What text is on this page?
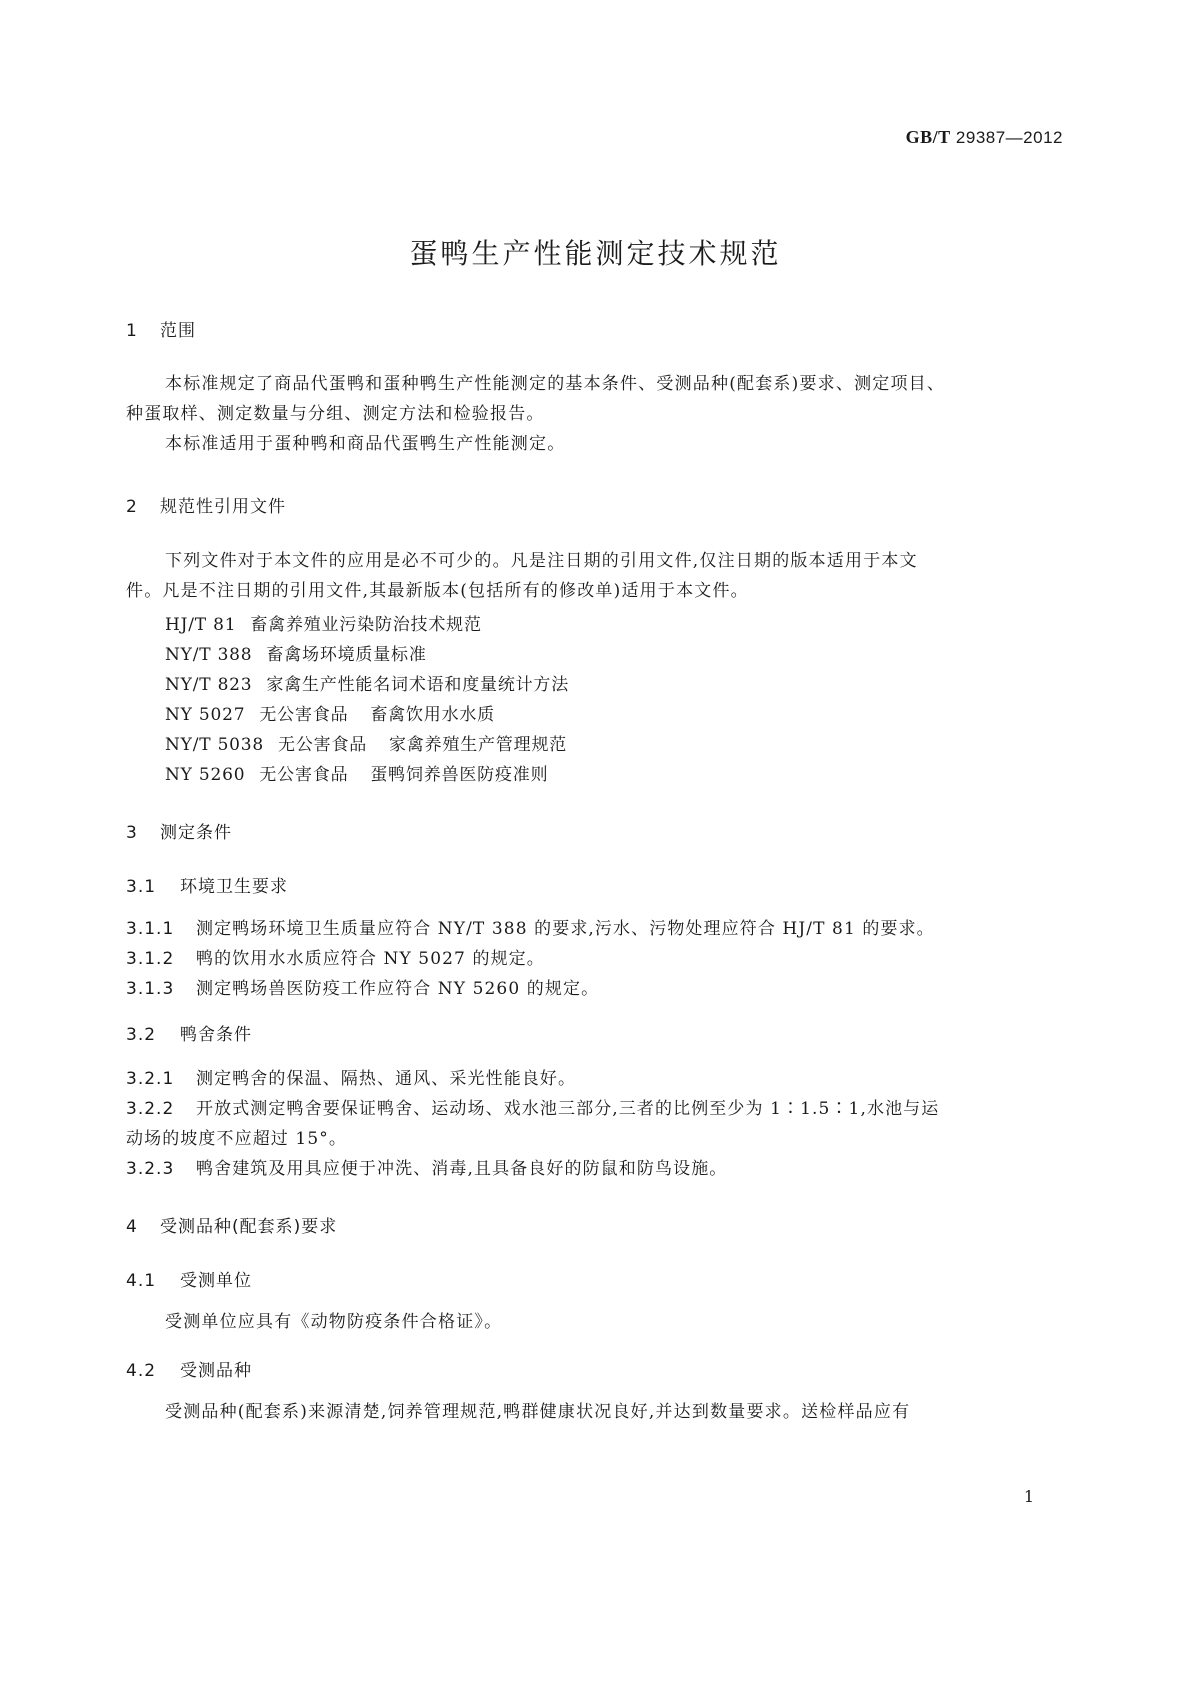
GB/T 29387—2012
蛋鸭生产性能测定技术规范
1 范围
本标准规定了商品代蛋鸭和蛋种鸭生产性能测定的基本条件、受测品种(配套系)要求、测定项目、
种蛋取样、测定数量与分组、测定方法和检验报告。
本标准适用于蛋种鸭和商品代蛋鸭生产性能测定。
2 规范性引用文件
下列文件对于本文件的应用是必不可少的。凡是注日期的引用文件,仅注日期的版本适用于本文
件。凡是不注日期的引用文件,其最新版本(包括所有的修改单)适用于本文件。
HJ/T 81 畜禽养殖业污染防治技术规范
NY/T 388 畜禽场环境质量标准
NY/T 823 家禽生产性能名词术语和度量统计方法
NY 5027 无公害食品 畜禽饮用水水质
NY/T 5038 无公害食品 家禽养殖生产管理规范
NY 5260 无公害食品 蛋鸭饲养兽医防疫准则
3 测定条件
3.1 环境卫生要求
3.1.1 测定鸭场环境卫生质量应符合 NY/T 388 的要求,污水、污物处理应符合 HJ/T 81 的要求。
3.1.2 鸭的饮用水水质应符合 NY 5027 的规定。
3.1.3 测定鸭场兽医防疫工作应符合 NY 5260 的规定。
3.2 鸭舍条件
3.2.1 测定鸭舍的保温、隔热、通风、采光性能良好。
3.2.2 开放式测定鸭舍要保证鸭舍、运动场、戏水池三部分,三者的比例至少为 1∶1.5∶1,水池与运
动场的坡度不应超过 15°。
3.2.3 鸭舍建筑及用具应便于冲洗、消毒,且具备良好的防鼠和防鸟设施。
4 受测品种(配套系)要求
4.1 受测单位
受测单位应具有《动物防疫条件合格证》。
4.2 受测品种
受测品种(配套系)来源清楚,饲养管理规范,鸭群健康状况良好,并达到数量要求。送检样品应有
1
